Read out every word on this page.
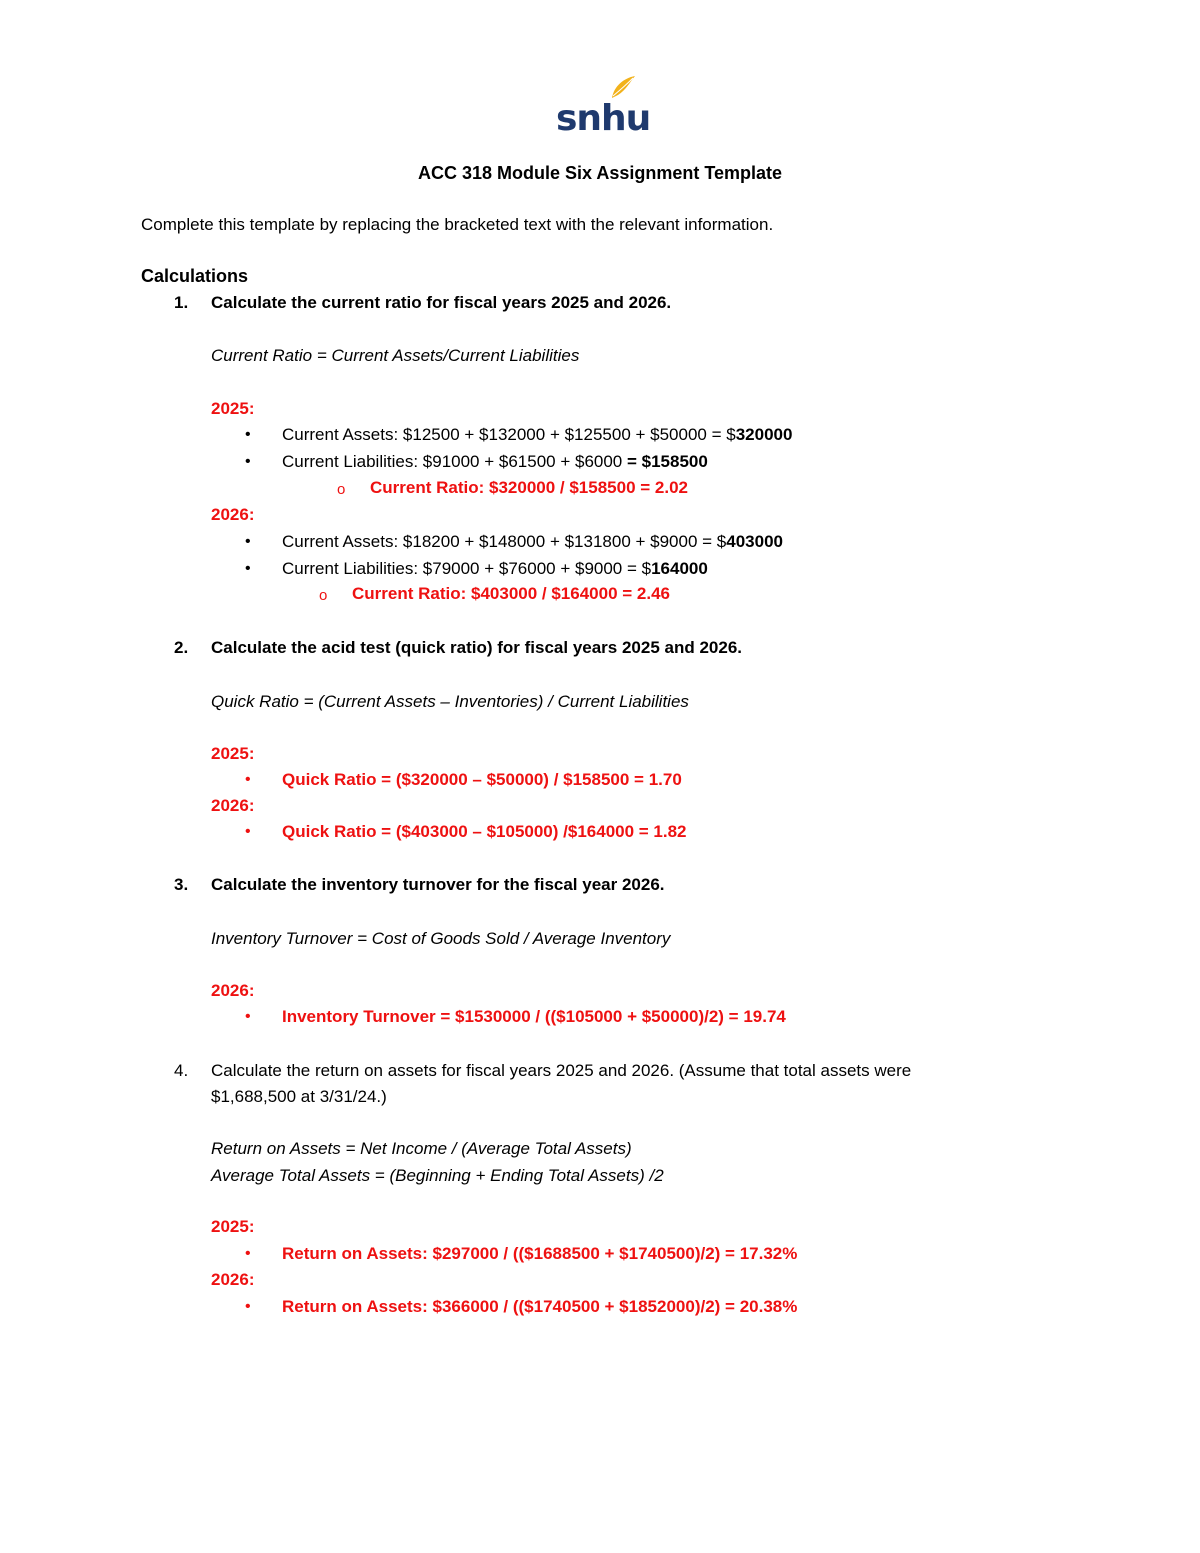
snhu
ACC 318 Module Six Assignment Template
Complete this template by replacing the bracketed text with the relevant information.
Calculations
1. Calculate the current ratio for fiscal years 2025 and 2026.
Current Ratio = Current Assets/Current Liabilities
2025:
• Current Assets: $12500 + $132000 + $125500 + $50000 = $320000
• Current Liabilities: $91000 + $61500 + $6000 = $158500
o Current Ratio: $320000 / $158500 = 2.02
2026:
• Current Assets: $18200 + $148000 + $131800 + $9000 = $403000
• Current Liabilities: $79000 + $76000 + $9000 = $164000
o Current Ratio: $403000 / $164000 = 2.46
2. Calculate the acid test (quick ratio) for fiscal years 2025 and 2026.
Quick Ratio = (Current Assets – Inventories) / Current Liabilities
2025:
• Quick Ratio = ($320000 – $50000) / $158500 = 1.70
2026:
• Quick Ratio = ($403000 – $105000) /$164000 = 1.82
3. Calculate the inventory turnover for the fiscal year 2026.
Inventory Turnover = Cost of Goods Sold / Average Inventory
2026:
• Inventory Turnover = $1530000 / (($105000 + $50000)/2) = 19.74
4. Calculate the return on assets for fiscal years 2025 and 2026. (Assume that total assets were
$1,688,500 at 3/31/24.)
Return on Assets = Net Income / (Average Total Assets)
Average Total Assets = (Beginning + Ending Total Assets) /2
2025:
• Return on Assets: $297000 / (($1688500 + $1740500)/2) = 17.32%
2026:
• Return on Assets: $366000 / (($1740500 + $1852000)/2) = 20.38%
